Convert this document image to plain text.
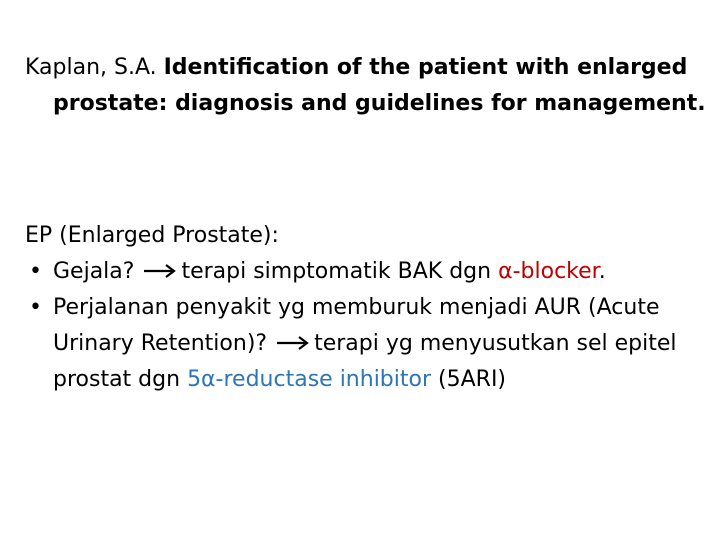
Kaplan, S.A. Identification of the patient with enlarged prostate: diagnosis and guidelines for management.
EP (Enlarged Prostate):
• Gejala? terapi simptomatik BAK dgn α-blocker.
• Perjalanan penyakit yg memburuk menjadi AUR (Acute Urinary Retention)? terapi yg menyusutkan sel epitel prostat dgn 5α-reductase inhibitor (5ARI)
